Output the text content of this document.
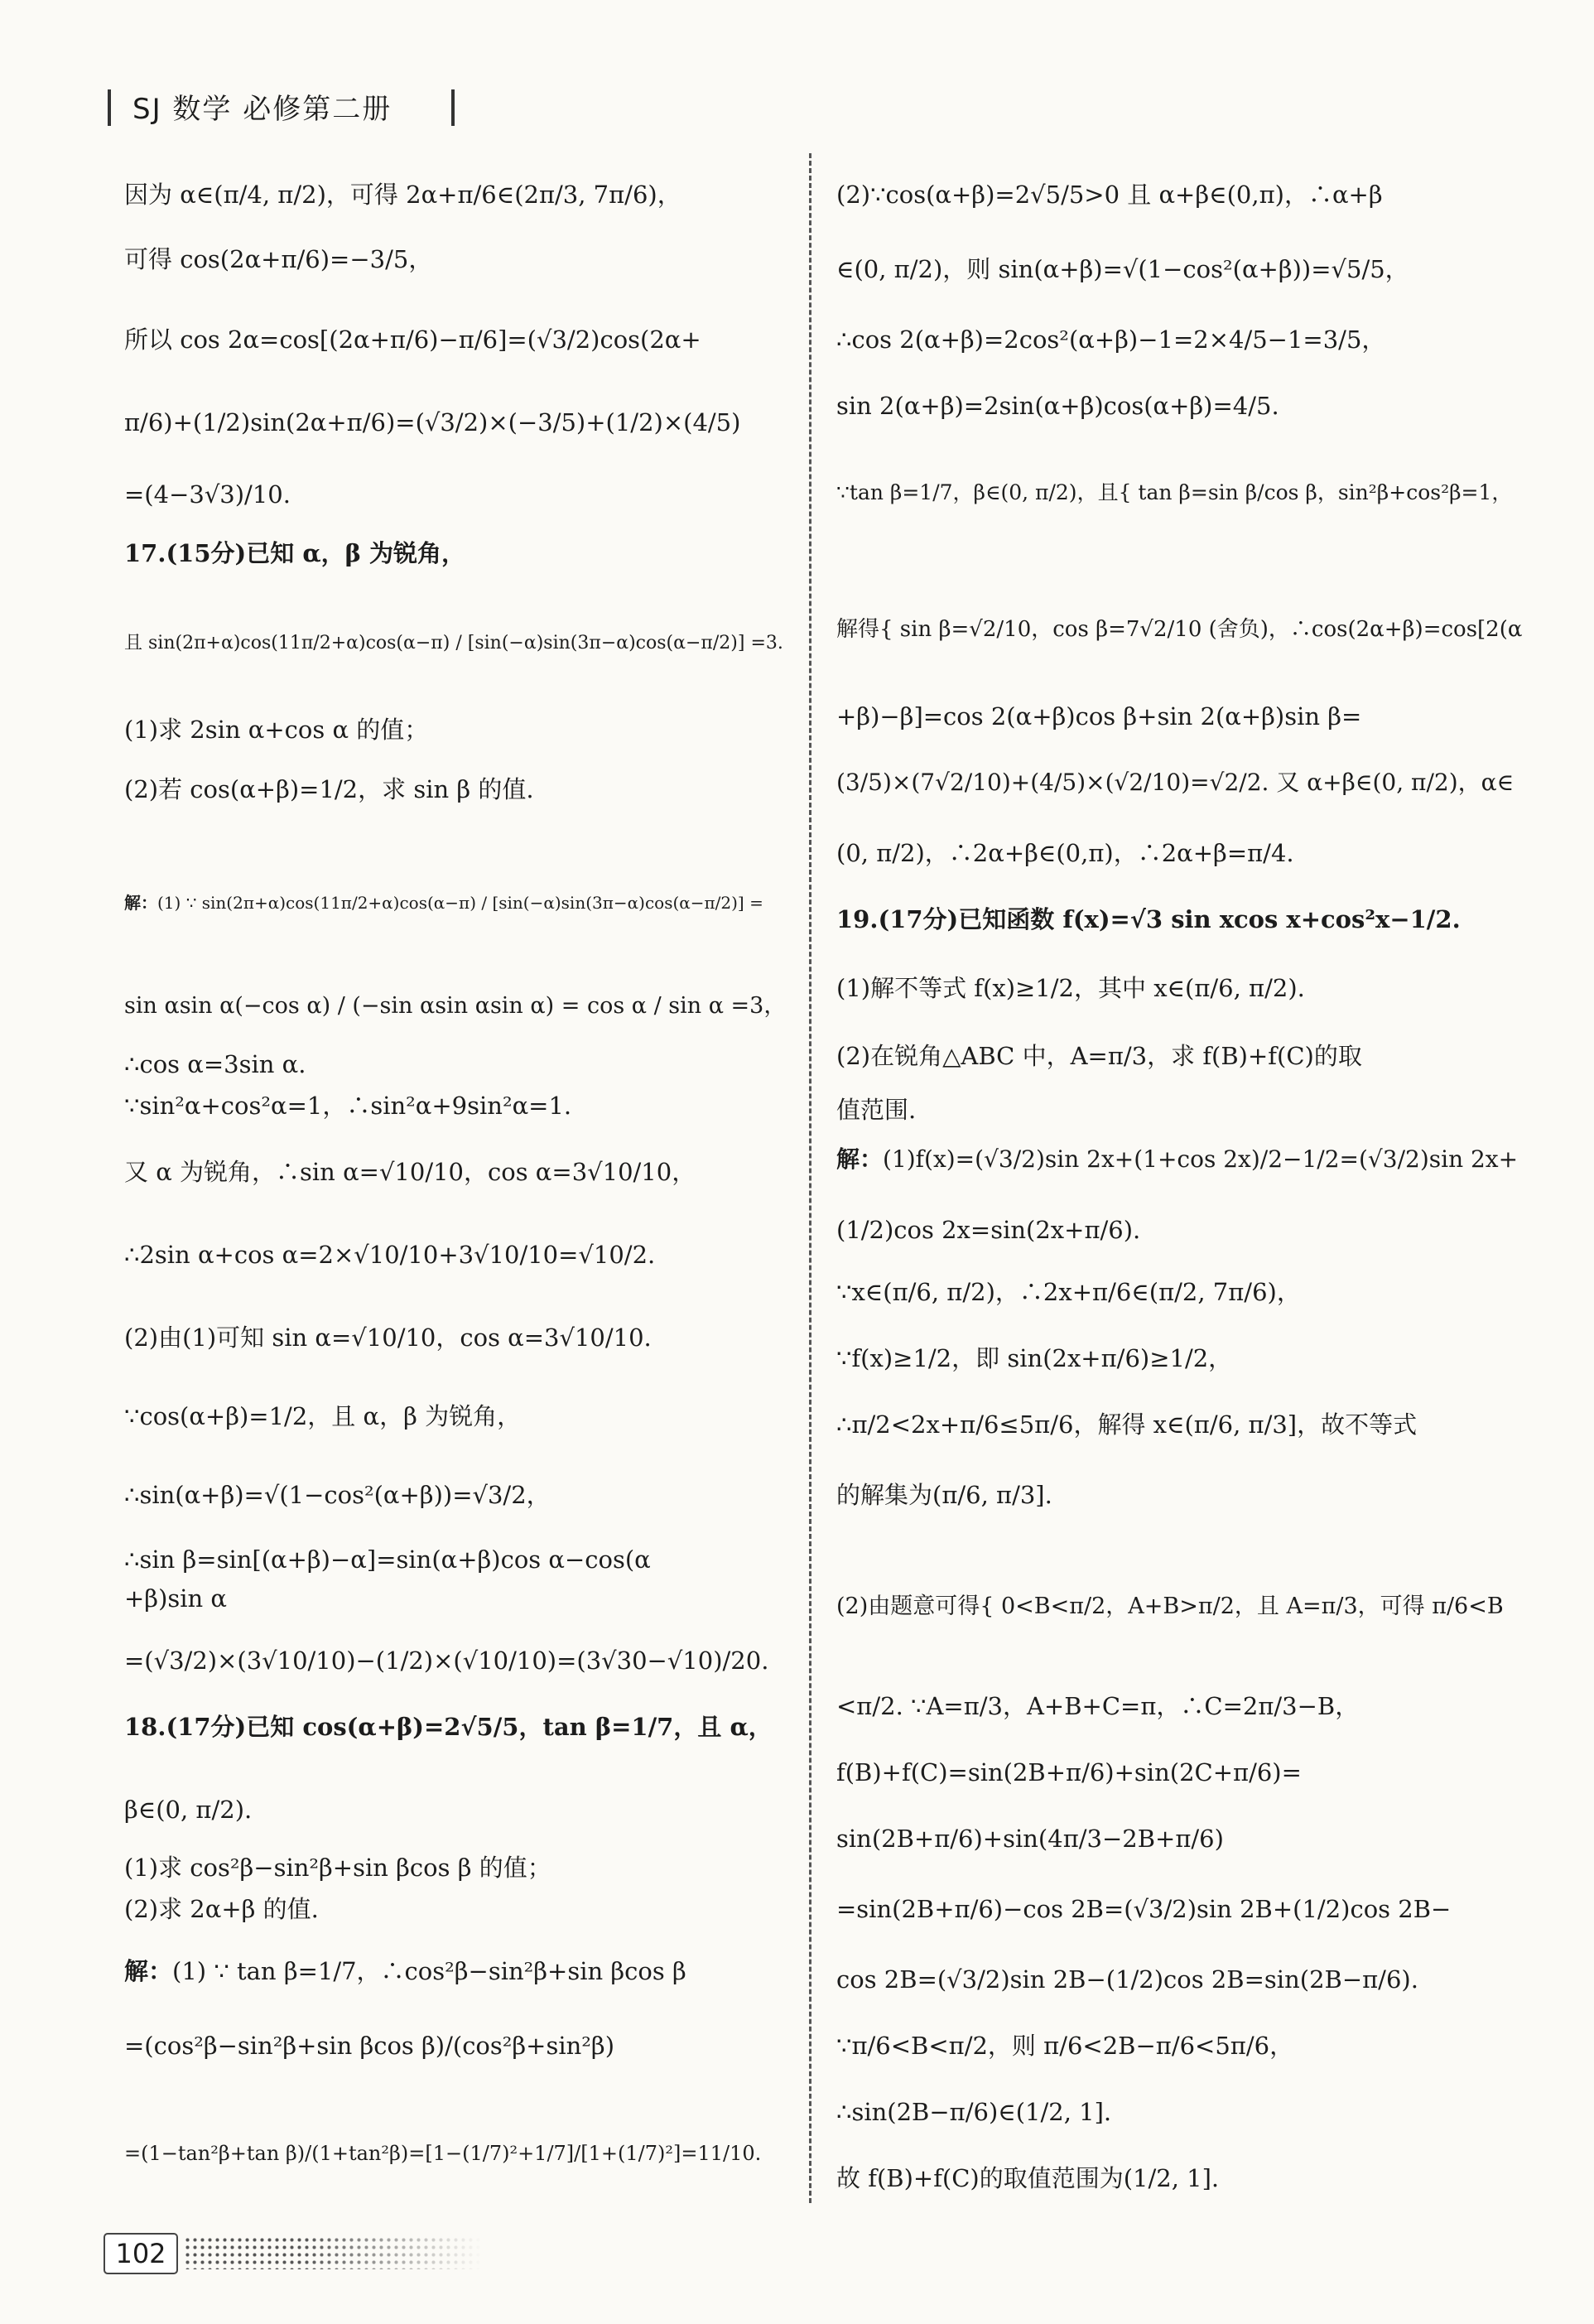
SJ 数学 必修第二册
因为 α∈(π/4, π/2)，可得 2α+π/6∈(2π/3, 7π/6)，
可得 cos(2α+π/6)=−3/5，
所以 cos 2α=cos[(2α+π/6)−π/6]=(√3/2)cos(2α+
π/6)+(1/2)sin(2α+π/6)=(√3/2)×(−3/5)+(1/2)×(4/5)
=(4−3√3)/10.
17.(15分)已知 α，β 为锐角，
且 sin(2π+α)cos(11π/2+α)cos(α−π) / [sin(−α)sin(3π−α)cos(α−π/2)] =3.
(1)求 2sin α+cos α 的值；
(2)若 cos(α+β)=1/2，求 sin β 的值.
解：(1) ∵ sin(2π+α)cos(11π/2+α)cos(α−π) / [sin(−α)sin(3π−α)cos(α−π/2)] =
sin αsin α(−cos α) / (−sin αsin αsin α) = cos α / sin α =3，
∴cos α=3sin α.
∵sin²α+cos²α=1，∴sin²α+9sin²α=1.
又 α 为锐角，∴sin α=√10/10，cos α=3√10/10，
∴2sin α+cos α=2×√10/10+3√10/10=√10/2.
(2)由(1)可知 sin α=√10/10，cos α=3√10/10.
∵cos(α+β)=1/2，且 α，β 为锐角，
∴sin(α+β)=√(1−cos²(α+β))=√3/2，
∴sin β=sin[(α+β)−α]=sin(α+β)cos α−cos(α
+β)sin α
=(√3/2)×(3√10/10)−(1/2)×(√10/10)=(3√30−√10)/20.
18.(17分)已知 cos(α+β)=2√5/5，tan β=1/7，且 α，
β∈(0, π/2).
(1)求 cos²β−sin²β+sin βcos β 的值；
(2)求 2α+β 的值.
解：(1) ∵ tan β=1/7，∴cos²β−sin²β+sin βcos β
=(cos²β−sin²β+sin βcos β)/(cos²β+sin²β)
=(1−tan²β+tan β)/(1+tan²β)=[1−(1/7)²+1/7]/[1+(1/7)²]=11/10.
(2)∵cos(α+β)=2√5/5>0 且 α+β∈(0,π)，∴α+β
∈(0, π/2)，则 sin(α+β)=√(1−cos²(α+β))=√5/5，
∴cos 2(α+β)=2cos²(α+β)−1=2×4/5−1=3/5，
sin 2(α+β)=2sin(α+β)cos(α+β)=4/5.
∵tan β=1/7，β∈(0, π/2)，且{ tan β=sin β/cos β，sin²β+cos²β=1，
解得{ sin β=√2/10，cos β=7√2/10 (舍负)，∴cos(2α+β)=cos[2(α
+β)−β]=cos 2(α+β)cos β+sin 2(α+β)sin β=
(3/5)×(7√2/10)+(4/5)×(√2/10)=√2/2. 又 α+β∈(0, π/2)，α∈
(0, π/2)，∴2α+β∈(0,π)，∴2α+β=π/4.
19.(17分)已知函数 f(x)=√3 sin xcos x+cos²x−1/2.
(1)解不等式 f(x)≥1/2，其中 x∈(π/6, π/2).
(2)在锐角△ABC 中，A=π/3，求 f(B)+f(C)的取
值范围.
解：(1)f(x)=(√3/2)sin 2x+(1+cos 2x)/2−1/2=(√3/2)sin 2x+
(1/2)cos 2x=sin(2x+π/6).
∵x∈(π/6, π/2)，∴2x+π/6∈(π/2, 7π/6)，
∵f(x)≥1/2，即 sin(2x+π/6)≥1/2，
∴π/2<2x+π/6≤5π/6，解得 x∈(π/6, π/3]，故不等式
的解集为(π/6, π/3].
(2)由题意可得{ 0<B<π/2，A+B>π/2，且 A=π/3，可得 π/6<B
<π/2. ∵A=π/3，A+B+C=π，∴C=2π/3−B，
f(B)+f(C)=sin(2B+π/6)+sin(2C+π/6)=
sin(2B+π/6)+sin(4π/3−2B+π/6)
=sin(2B+π/6)−cos 2B=(√3/2)sin 2B+(1/2)cos 2B−
cos 2B=(√3/2)sin 2B−(1/2)cos 2B=sin(2B−π/6).
∵π/6<B<π/2，则 π/6<2B−π/6<5π/6，
∴sin(2B−π/6)∈(1/2, 1].
故 f(B)+f(C)的取值范围为(1/2, 1].
102
